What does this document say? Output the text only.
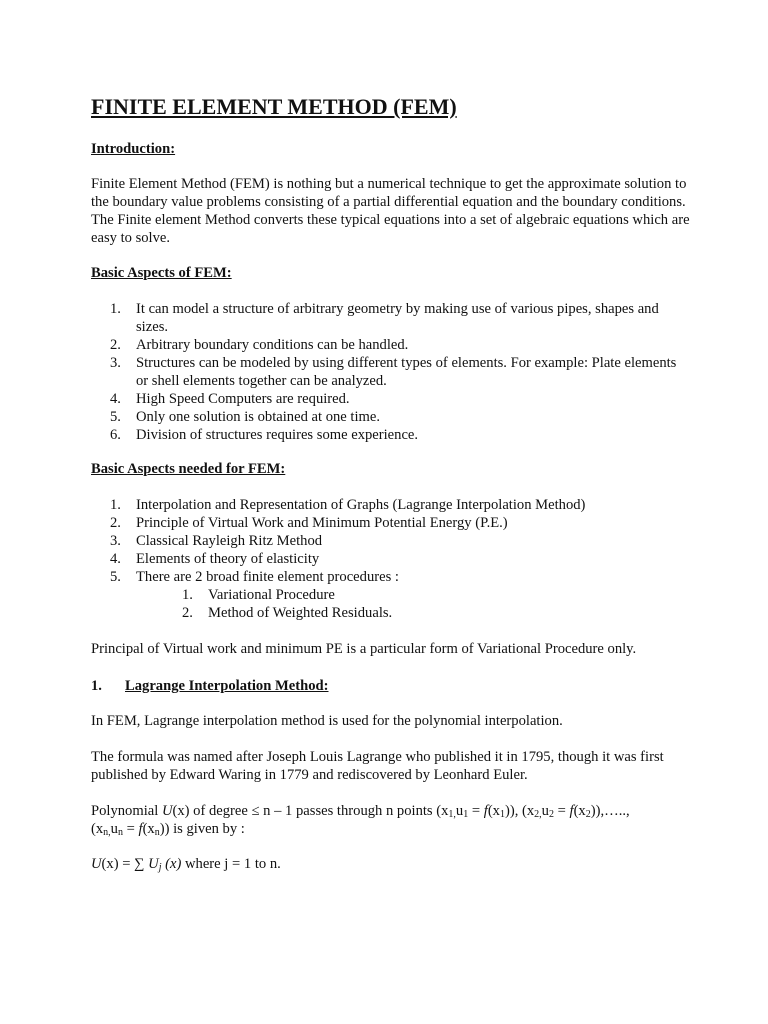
FINITE ELEMENT METHOD (FEM)
Introduction:

Finite Element Method (FEM) is nothing but a numerical technique to get the approximate solution to the boundary value problems consisting of a partial differential equation and the boundary conditions. The Finite element Method converts these typical equations into a set of algebraic equations which are easy to solve.

Basic Aspects of FEM:
1.	It can model a structure of arbitrary geometry by making use of various pipes, shapes and sizes.
2.	Arbitrary boundary conditions can be handled.
3.	Structures can be modeled by using different types of elements. For example: Plate elements or shell elements together can be analyzed.
4.	High Speed Computers are required.
5.	Only one solution is obtained at one time.
6.	Division of structures requires some experience.
Basic Aspects needed for FEM:
1.	Interpolation and Representation of Graphs (Lagrange Interpolation Method)
2.	Principle of Virtual Work and Minimum Potential Energy (P.E.)
3.	Classical Rayleigh Ritz Method
4.	Elements of theory of elasticity
5.	There are 2 broad finite element procedures :
1.	Variational Procedure
2.	Method of Weighted Residuals.

Principal of Virtual work and minimum PE is a particular form of Variational Procedure only.

1. Lagrange Interpolation Method:

In FEM, Lagrange interpolation method is used for the polynomial interpolation.

The formula was named after Joseph Louis Lagrange who published it in 1795, though it was first published by Edward Waring in 1779 and rediscovered by Leonhard Euler.

Polynomial U(x) of degree ≤ n – 1 passes through n points $(x_{1,}u_1 = f(x_1))$, ($x_{2,}u_2$ = $f(x_2)),\dots$..,
$(x_{n,}u_n = f(x_n))$ is given by :

U(x) = ∑ $U_j$ (x) where j = 1 to n.
